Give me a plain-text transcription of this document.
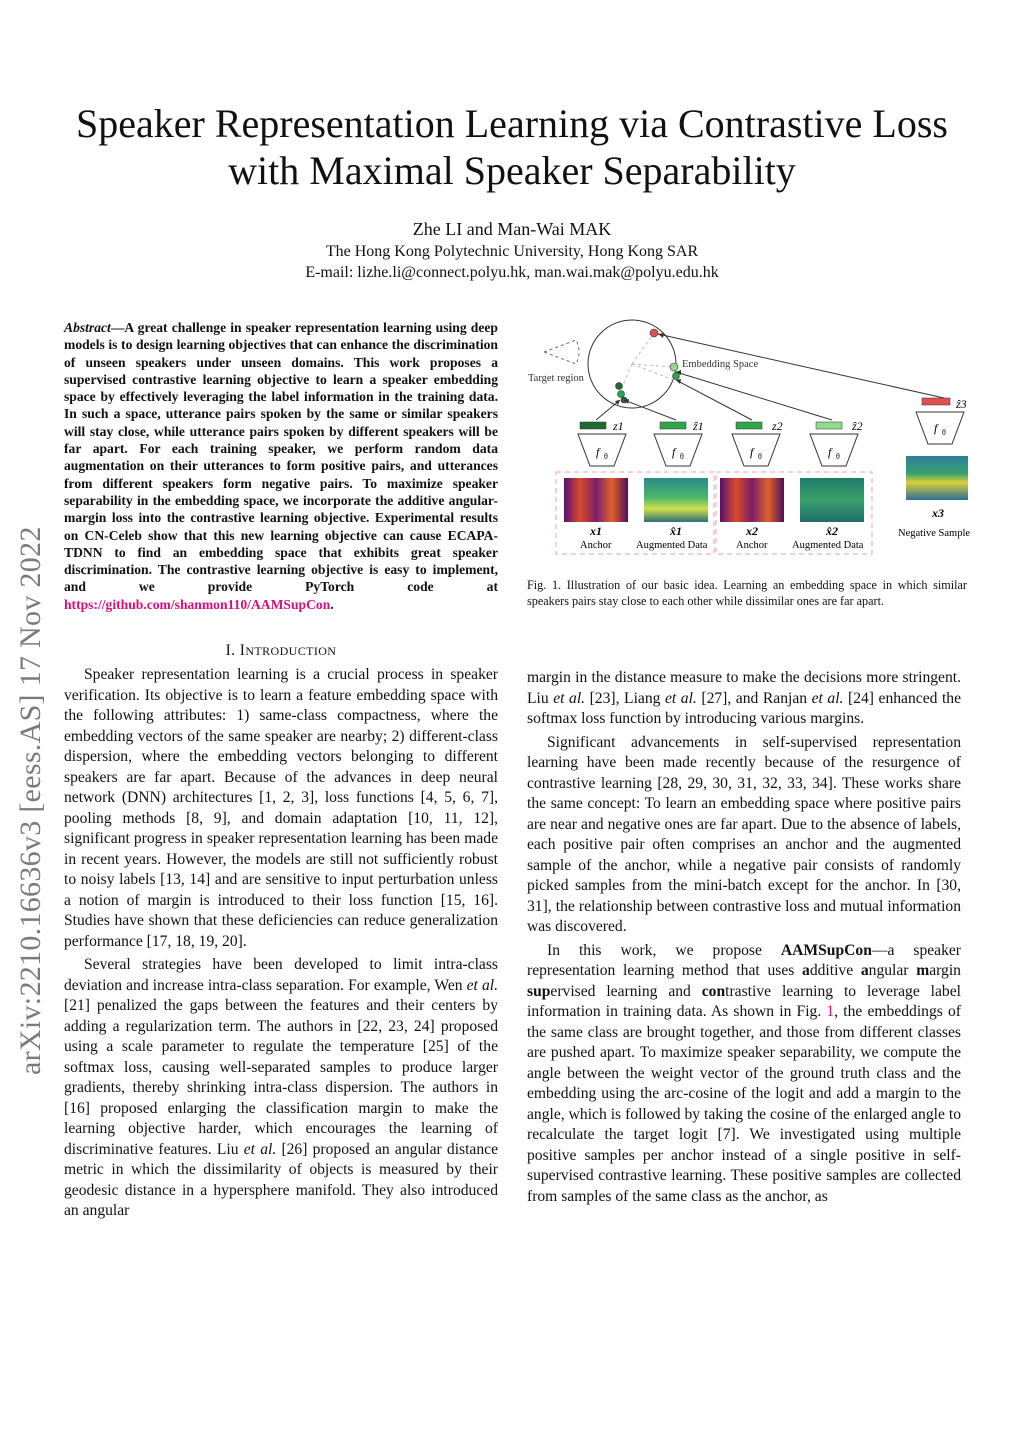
arXiv:2210.16636v3 [eess.AS] 17 Nov 2022
Speaker Representation Learning via Contrastive Loss with Maximal Speaker Separability
Zhe LI and Man-Wai MAK
The Hong Kong Polytechnic University, Hong Kong SAR
E-mail: lizhe.li@connect.polyu.hk, man.wai.mak@polyu.edu.hk
Abstract—A great challenge in speaker representation learning using deep models is to design learning objectives that can enhance the discrimination of unseen speakers under unseen domains. This work proposes a supervised contrastive learning objective to learn a speaker embedding space by effectively leveraging the label information in the training data. In such a space, utterance pairs spoken by the same or similar speakers will stay close, while utterance pairs spoken by different speakers will be far apart. For each training speaker, we perform random data augmentation on their utterances to form positive pairs, and utterances from different speakers form negative pairs. To maximize speaker separability in the embedding space, we incorporate the additive angular-margin loss into the contrastive learning objective. Experimental results on CN-Celeb show that this new learning objective can cause ECAPA-TDNN to find an embedding space that exhibits great speaker discrimination. The contrastive learning objective is easy to implement, and we provide PyTorch code at https://github.com/shanmon110/AAMSupCon.
I. INTRODUCTION

Speaker representation learning is a crucial process in speaker verification. Its objective is to learn a feature embedding space with the following attributes: 1) same-class compactness, where the embedding vectors of the same speaker are nearby; 2) different-class dispersion, where the embedding vectors belonging to different speakers are far apart. Because of the advances in deep neural network (DNN) architectures [1, 2, 3], loss functions [4, 5, 6, 7], pooling methods [8, 9], and domain adaptation [10, 11, 12], significant progress in speaker representation learning has been made in recent years. However, the models are still not sufficiently robust to noisy labels [13, 14] and are sensitive to input perturbation unless a notion of margin is introduced to their loss function [15, 16]. Studies have shown that these deficiencies can reduce generalization performance [17, 18, 19, 20].

Several strategies have been developed to limit intra-class deviation and increase intra-class separation. For example, Wen et al. [21] penalized the gaps between the features and their centers by adding a regularization term. The authors in [22, 23, 24] proposed using a scale parameter to regulate the temperature [25] of the softmax loss, causing well-separated samples to produce larger gradients, thereby shrinking intra-class dispersion. The authors in [16] proposed enlarging the classification margin to make the learning objective harder, which encourages the learning of discriminative features. Liu et al. [26] proposed an angular distance metric in which the dissimilarity of objects is measured by their geodesic distance in a hypersphere manifold. They also introduced an angular

Target region
Embedding Space
z1
f θ
x1
Anchor
ẑ1
f θ
x̂1
Augmented Data
z2
f θ
x2
Anchor
ẑ2
f θ
x̂2
Augmented Data
ẑ3
f θ
x3
Negative Sample
Fig. 1. Illustration of our basic idea. Learning an embedding space in which similar speakers pairs stay close to each other while dissimilar ones are far apart.

margin in the distance measure to make the decisions more stringent. Liu et al. [23], Liang et al. [27], and Ranjan et al. [24] enhanced the softmax loss function by introducing various margins.

Significant advancements in self-supervised representation learning have been made recently because of the resurgence of contrastive learning [28, 29, 30, 31, 32, 33, 34]. These works share the same concept: To learn an embedding space where positive pairs are near and negative ones are far apart. Due to the absence of labels, each positive pair often comprises an anchor and the augmented sample of the anchor, while a negative pair consists of randomly picked samples from the mini-batch except for the anchor. In [30, 31], the relationship between contrastive loss and mutual information was discovered.

In this work, we propose AAMSupCon—a speaker representation learning method that uses additive angular margin supervised learning and contrastive learning to leverage label information in training data. As shown in Fig. 1, the embeddings of the same class are brought together, and those from different classes are pushed apart. To maximize speaker separability, we compute the angle between the weight vector of the ground truth class and the embedding using the arc-cosine of the logit and add a margin to the angle, which is followed by taking the cosine of the enlarged angle to recalculate the target logit [7]. We investigated using multiple positive samples per anchor instead of a single positive in self-supervised contrastive learning. These positive samples are collected from samples of the same class as the anchor, as
